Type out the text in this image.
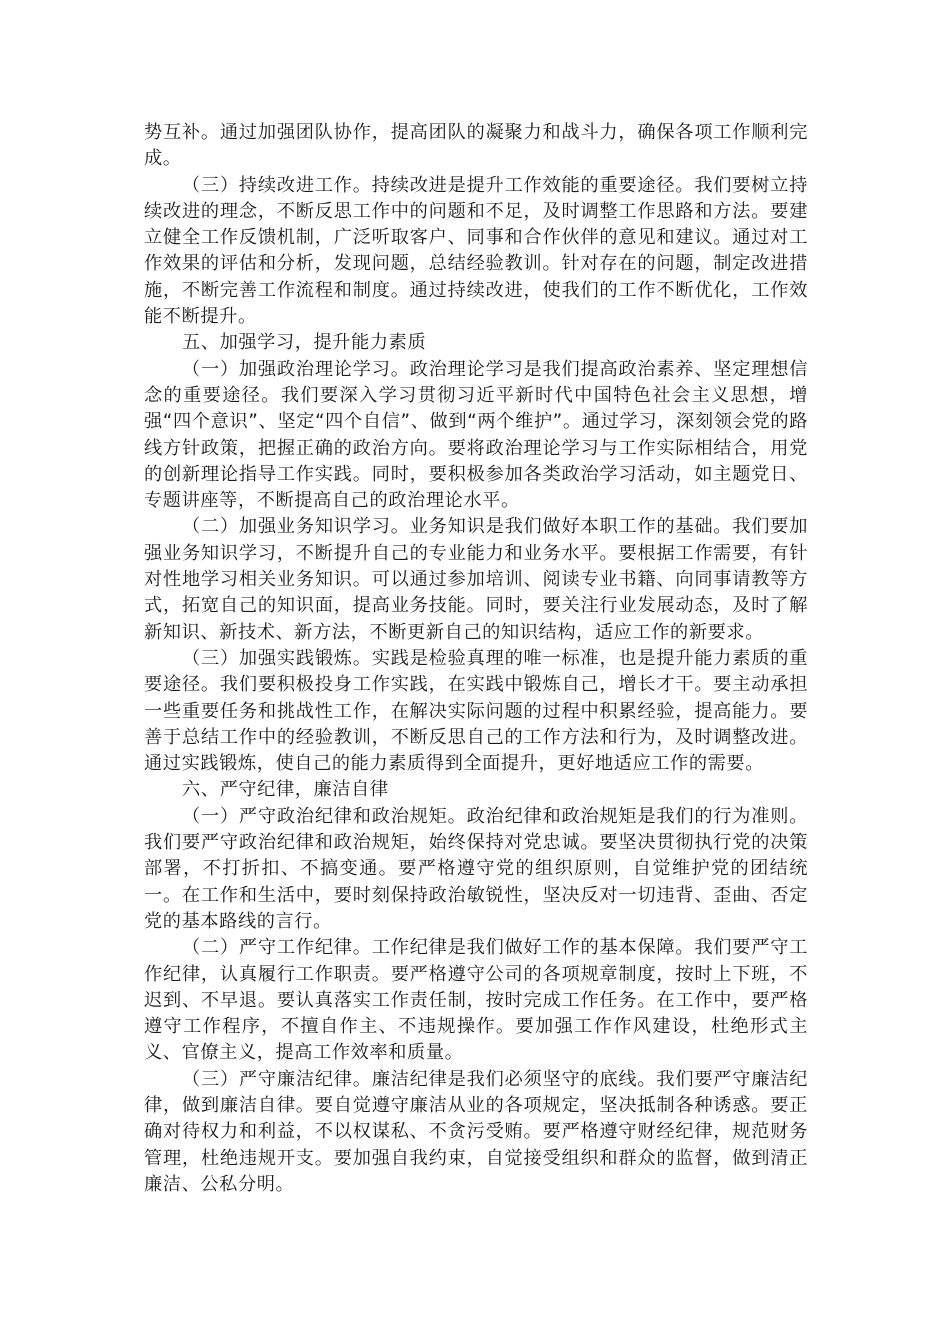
势互补。通过加强团队协作，提高团队的凝聚力和战斗力，确保各项工作顺利完成。

（三）持续改进工作。持续改进是提升工作效能的重要途径。我们要树立持续改进的理念，不断反思工作中的问题和不足，及时调整工作思路和方法。要建立健全工作反馈机制，广泛听取客户、同事和合作伙伴的意见和建议。通过对工作效果的评估和分析，发现问题，总结经验教训。针对存在的问题，制定改进措施，不断完善工作流程和制度。通过持续改进，使我们的工作不断优化，工作效能不断提升。

五、加强学习，提升能力素质

（一）加强政治理论学习。政治理论学习是我们提高政治素养、坚定理想信念的重要途径。我们要深入学习贯彻习近平新时代中国特色社会主义思想，增强“四个意识”、坚定“四个自信”、做到“两个维护”。通过学习，深刻领会党的路线方针政策，把握正确的政治方向。要将政治理论学习与工作实际相结合，用党的创新理论指导工作实践。同时，要积极参加各类政治学习活动，如主题党日、专题讲座等，不断提高自己的政治理论水平。

（二）加强业务知识学习。业务知识是我们做好本职工作的基础。我们要加强业务知识学习，不断提升自己的专业能力和业务水平。要根据工作需要，有针对性地学习相关业务知识。可以通过参加培训、阅读专业书籍、向同事请教等方式，拓宽自己的知识面，提高业务技能。同时，要关注行业发展动态，及时了解新知识、新技术、新方法，不断更新自己的知识结构，适应工作的新要求。

（三）加强实践锻炼。实践是检验真理的唯一标准，也是提升能力素质的重要途径。我们要积极投身工作实践，在实践中锻炼自己，增长才干。要主动承担一些重要任务和挑战性工作，在解决实际问题的过程中积累经验，提高能力。要善于总结工作中的经验教训，不断反思自己的工作方法和行为，及时调整改进。通过实践锻炼，使自己的能力素质得到全面提升，更好地适应工作的需要。

六、严守纪律，廉洁自律

（一）严守政治纪律和政治规矩。政治纪律和政治规矩是我们的行为准则。我们要严守政治纪律和政治规矩，始终保持对党忠诚。要坚决贯彻执行党的决策部署，不打折扣、不搞变通。要严格遵守党的组织原则，自觉维护党的团结统一。在工作和生活中，要时刻保持政治敏锐性，坚决反对一切违背、歪曲、否定党的基本路线的言行。

（二）严守工作纪律。工作纪律是我们做好工作的基本保障。我们要严守工作纪律，认真履行工作职责。要严格遵守公司的各项规章制度，按时上下班，不迟到、不早退。要认真落实工作责任制，按时完成工作任务。在工作中，要严格遵守工作程序，不擅自作主、不违规操作。要加强工作作风建设，杜绝形式主义、官僚主义，提高工作效率和质量。

（三）严守廉洁纪律。廉洁纪律是我们必须坚守的底线。我们要严守廉洁纪律，做到廉洁自律。要自觉遵守廉洁从业的各项规定，坚决抵制各种诱惑。要正确对待权力和利益，不以权谋私、不贪污受贿。要严格遵守财经纪律，规范财务管理，杜绝违规开支。要加强自我约束，自觉接受组织和群众的监督，做到清正廉洁、公私分明。
